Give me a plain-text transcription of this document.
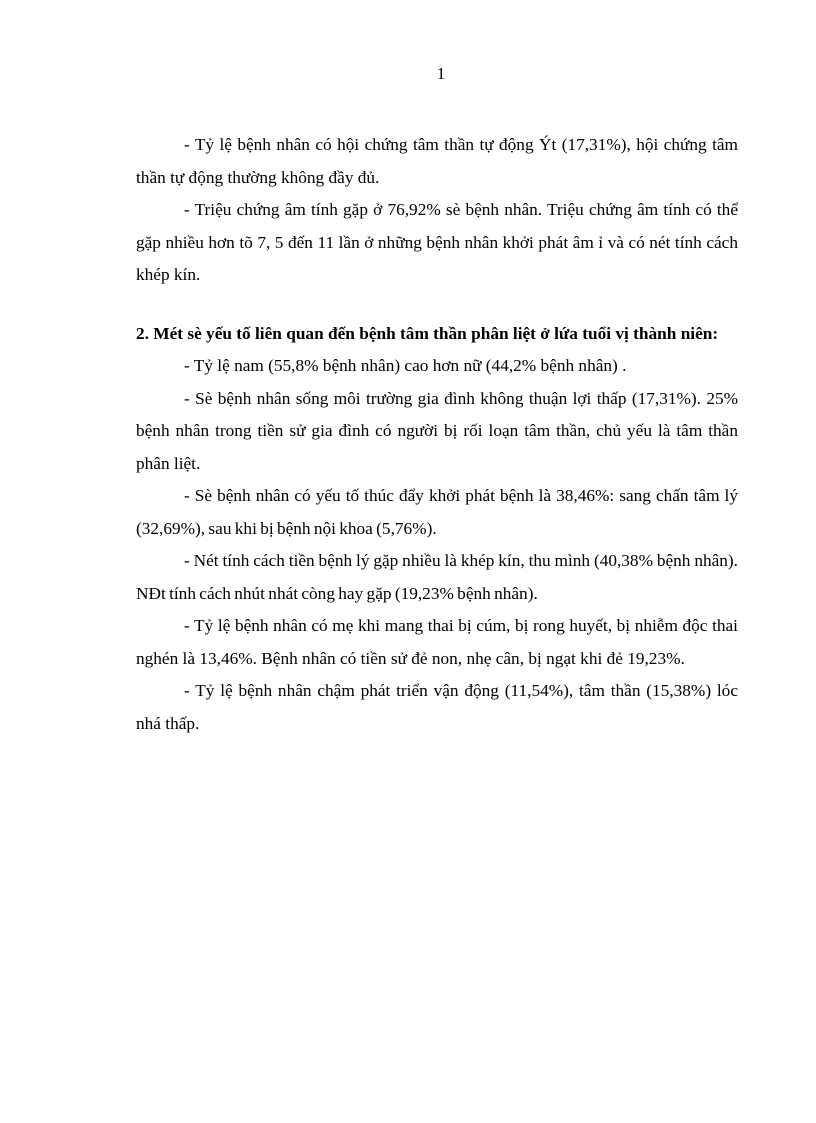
1

- Tỷ lệ bệnh nhân có hội chứng tâm thần tự động Ýt (17,31%), hội chứng tâm thần tự động thường không đầy đủ.

- Triệu chứng âm tính gặp ở 76,92% sè bệnh nhân. Triệu chứng âm tính có thể gặp nhiều hơn tõ 7, 5 đến 11 lần ở những bệnh nhân khởi phát âm ỉ và có nét tính cách khép kín.

2. Mét sè yếu tố liên quan đến bệnh tâm thần phân liệt ở lứa tuổi vị thành niên:

- Tỷ lệ nam (55,8% bệnh nhân) cao hơn nữ (44,2% bệnh nhân) .

- Sè bệnh nhân sống môi trường gia đình không thuận lợi thấp (17,31%). 25% bệnh nhân trong tiền sử gia đình có người bị rối loạn tâm thần, chủ yếu là tâm thần phân liệt.

- Sè bệnh nhân có yếu tố thúc đẩy khởi phát bệnh là 38,46%: sang chấn tâm lý (32,69%), sau khi bị bệnh nội khoa (5,76%).

- Nét tính cách tiền bệnh lý gặp nhiều là khép kín, thu mình (40,38% bệnh nhân). NÐt tính cách nhút nhát còng hay gặp (19,23% bệnh nhân).

- Tỷ lệ bệnh nhân có mẹ khi mang thai bị cúm, bị rong huyết, bị nhiễm độc thai nghén là 13,46%. Bệnh nhân có tiền sử đẻ non, nhẹ cân, bị ngạt khi đẻ 19,23%.

- Tỷ lệ bệnh nhân chậm phát triển vận động (11,54%), tâm thần (15,38%) lóc nhá thấp.
